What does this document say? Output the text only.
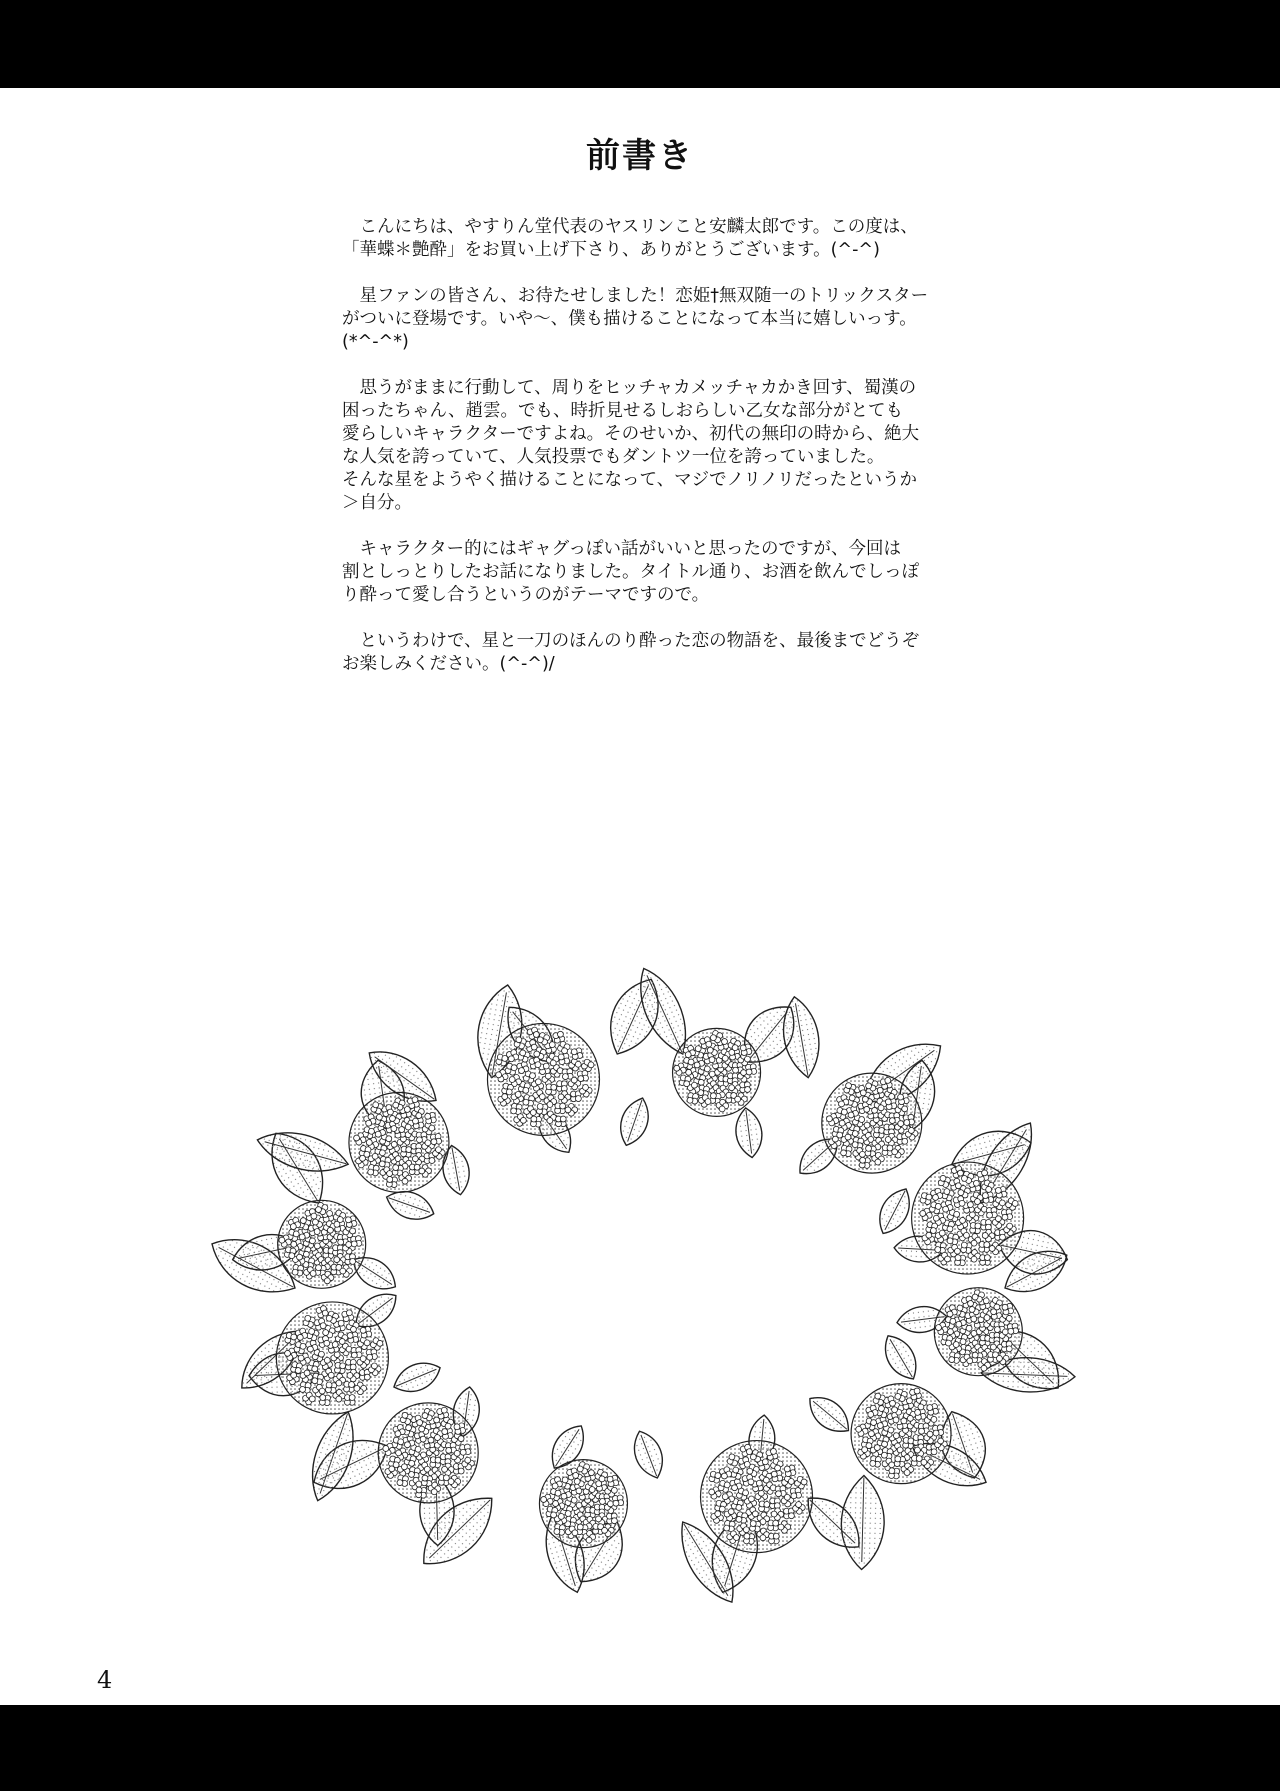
前書き
　こんにちは、やすりん堂代表のヤスリンこと安麟太郎です。この度は、
「華蝶＊艶酔」をお買い上げ下さり、ありがとうございます。(^-^)
　星ファンの皆さん、お待たせしました！恋姫†無双随一のトリックスター
がついに登場です。いや〜、僕も描けることになって本当に嬉しいっす。
(*^-^*)
　思うがままに行動して、周りをヒッチャカメッチャカかき回す、蜀漢の
困ったちゃん、趙雲。でも、時折見せるしおらしい乙女な部分がとても
愛らしいキャラクターですよね。そのせいか、初代の無印の時から、絶大
な人気を誇っていて、人気投票でもダントツ一位を誇っていました。
そんな星をようやく描けることになって、マジでノリノリだったというか
＞自分。
　キャラクター的にはギャグっぽい話がいいと思ったのですが、今回は
割としっとりしたお話になりました。タイトル通り、お酒を飲んでしっぽ
り酔って愛し合うというのがテーマですので。
　というわけで、星と一刀のほんのり酔った恋の物語を、最後までどうぞ
お楽しみください。(^-^)/
4
